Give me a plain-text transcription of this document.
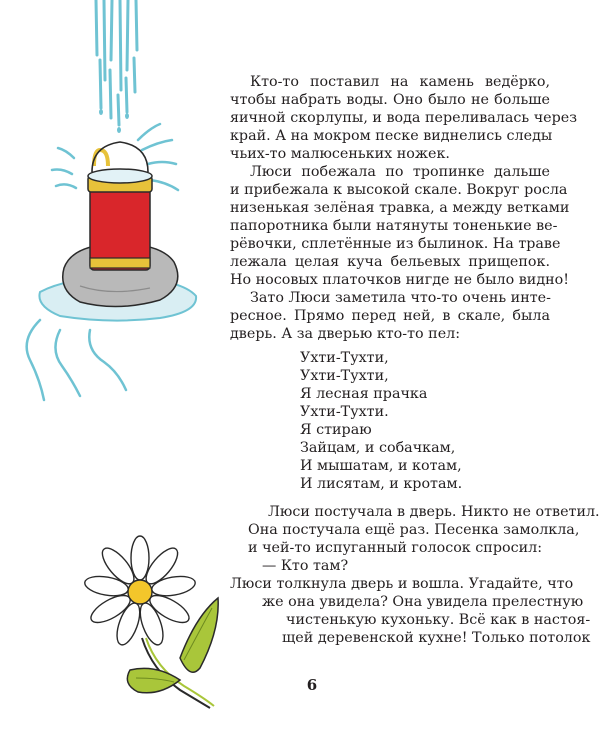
Кто-то поставил на камень ведёрко,
чтобы набрать воды. Оно было не больше
яичной скорлупы, и вода переливалась через
край. А на мокром песке виднелись следы
чьих-то малюсеньких ножек.
Люси побежала по тропинке дальше
и прибежала к высокой скале. Вокруг росла
низенькая зелёная травка, а между ветками
папоротника были натянуты тоненькие ве-
рёвочки, сплетённые из былинок. На траве
лежала целая куча бельевых прищепок.
Но носовых платочков нигде не было видно!
Зато Люси заметила что-то очень инте-
ресное. Прямо перед ней, в скале, была
дверь. А за дверью кто-то пел:
Ухти-Тухти,
Ухти-Тухти,
Я лесная прачка
Ухти-Тухти.
Я стираю
Зайцам, и собачкам,
И мышатам, и котам,
И лисятам, и кротам.
Люси постучала в дверь. Никто не ответил.
Она постучала ещё раз. Песенка замолкла,
и чей-то испуганный голосок спросил:
— Кто там?
Люси толкнула дверь и вошла. Угадайте, что
же она увидела? Она увидела прелестную
чистенькую кухоньку. Всё как в настоя-
щей деревенской кухне! Только потолок
6
